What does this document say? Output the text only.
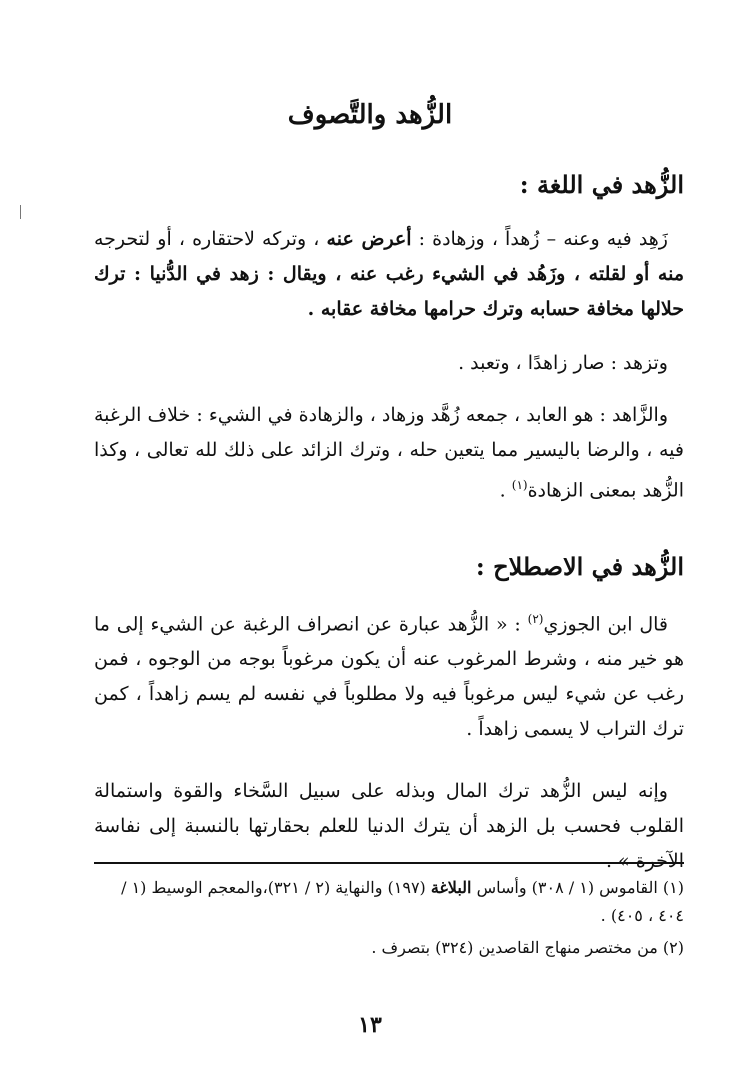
الزُّهد والتَّصوف
الزُّهد في اللغة :
زَهِد فيه وعنه – زُهداً ، وزهادة : أعرض عنه ، وتركه لاحتقاره ، أو لتحرجه منه أو لقلته ، وزَهُد في الشيء رغب عنه ، ويقال : زهد في الدُّنيا : ترك حلالها مخافة حسابه وترك حرامها مخافة عقابه .
وتزهد : صار زاهدًا ، وتعبد .
والزَّاهد : هو العابد ، جمعه زُهَّد وزهاد ، والزهادة في الشيء : خلاف الرغبة فيه ، والرضا باليسير مما يتعين حله ، وترك الزائد على ذلك لله تعالى ، وكذا الزُّهد بمعنى الزهادة$^{(١)}$ .
الزُّهد في الاصطلاح :
قال ابن الجوزي$^{(٢)}$ : « الزُّهد عبارة عن انصراف الرغبة عن الشيء إلى ما هو خير منه ، وشرط المرغوب عنه أن يكون مرغوباً بوجه من الوجوه ، فمن رغب عن شيء ليس مرغوباً فيه ولا مطلوباً في نفسه لم يسم زاهداً ، كمن ترك التراب لا يسمى زاهداً .
وإنه ليس الزُّهد ترك المال وبذله على سبيل السَّخاء والقوة واستمالة القلوب فحسب بل الزهد أن يترك الدنيا للعلم بحقارتها بالنسبة إلى نفاسة الآخرة » .
(١) القاموس (١ / ٣٠٨) وأساس البلاغة (١٩٧) والنهاية (٢ / ٣٢١)،والمعجم الوسيط (١ / ٤٠٤ ، ٤٠٥) .
(٢) من مختصر منهاج القاصدين (٣٢٤) بتصرف .
١٣
